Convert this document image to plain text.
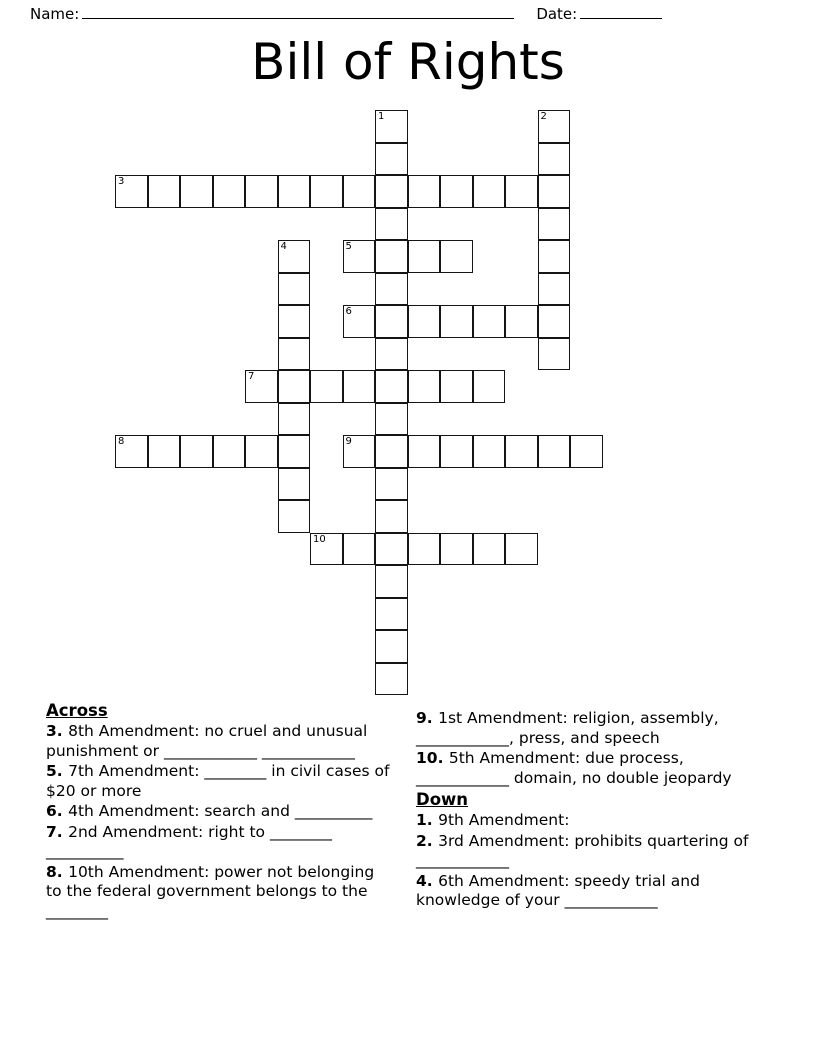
Name:	Date:
Bill of Rights
1	2
3
4	5
6
7
8	9
10
Across

3. 8th Amendment: no cruel and unusual punishment or ____________ ____________

5. 7th Amendment: ________ in civil cases of $20 or more

6. 4th Amendment: search and __________

7. 2nd Amendment: right to ________ __________

8. 10th Amendment: power not belonging to the federal government belongs to the ________

9. 1st Amendment: religion, assembly, ____________, press, and speech

10. 5th Amendment: due process, ____________ domain, no double jeopardy

Down

1. 9th Amendment:

2. 3rd Amendment: prohibits quartering of ____________

4. 6th Amendment: speedy trial and knowledge of your ____________
